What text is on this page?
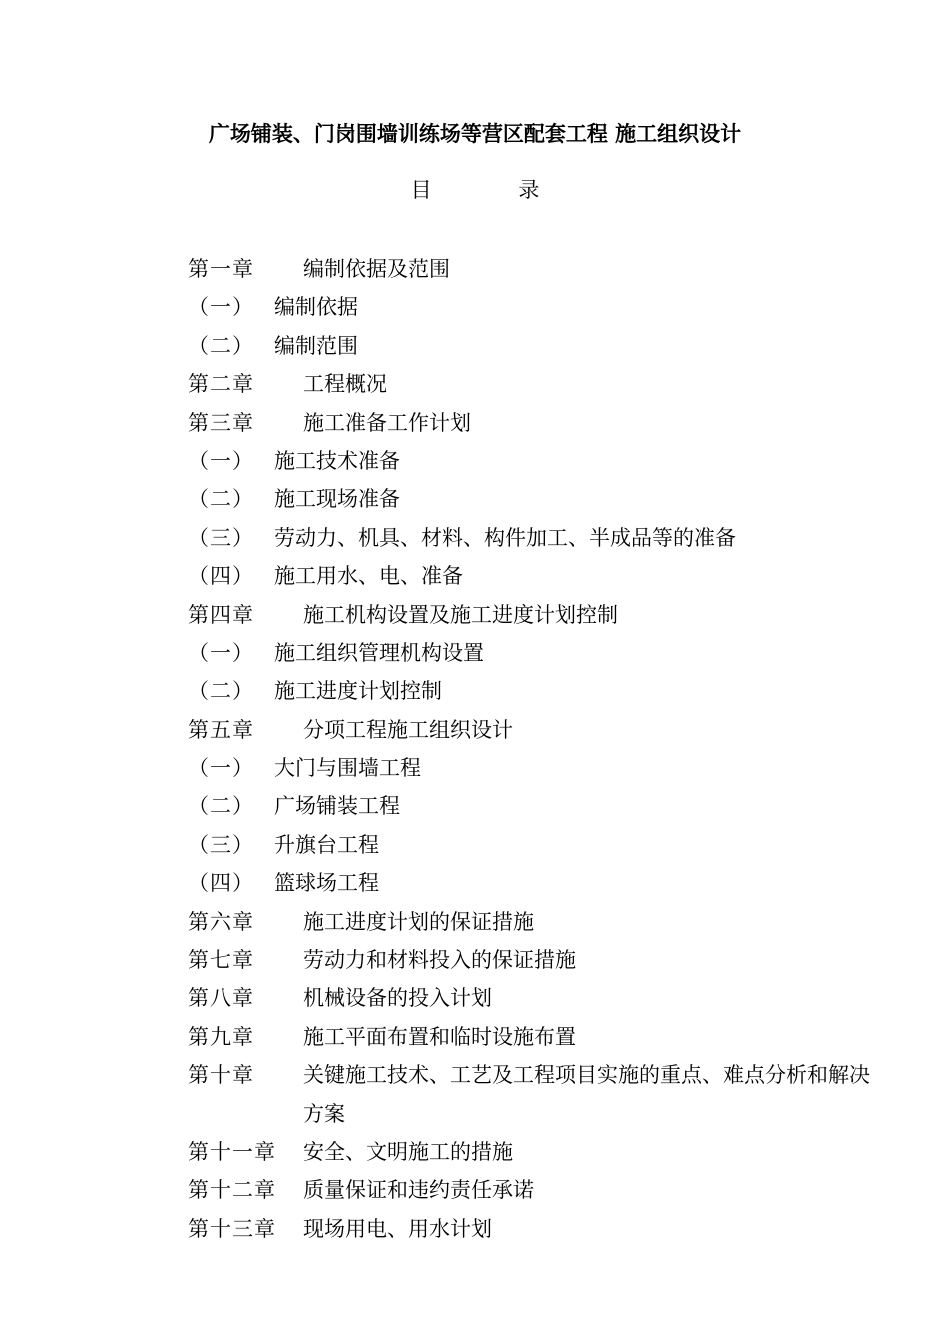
广场铺装、门岗围墙训练场等营区配套工程 施工组织设计
目 录
第一章	编制依据及范围
（一） 编制依据
（二） 编制范围
第二章	工程概况
第三章	施工准备工作计划
（一） 施工技术准备
（二） 施工现场准备
（三） 劳动力、机具、材料、构件加工、半成品等的准备
（四） 施工用水、电、准备
第四章	施工机构设置及施工进度计划控制
（一） 施工组织管理机构设置
（二） 施工进度计划控制
第五章	分项工程施工组织设计
（一） 大门与围墙工程
（二） 广场铺装工程
（三） 升旗台工程
（四） 篮球场工程
第六章	施工进度计划的保证措施
第七章	劳动力和材料投入的保证措施
第八章	机械设备的投入计划
第九章	施工平面布置和临时设施布置
第十章	关键施工技术、工艺及工程项目实施的重点、难点分析和解决方案
第十一章	安全、文明施工的措施
第十二章	质量保证和违约责任承诺
第十三章	现场用电、用水计划
